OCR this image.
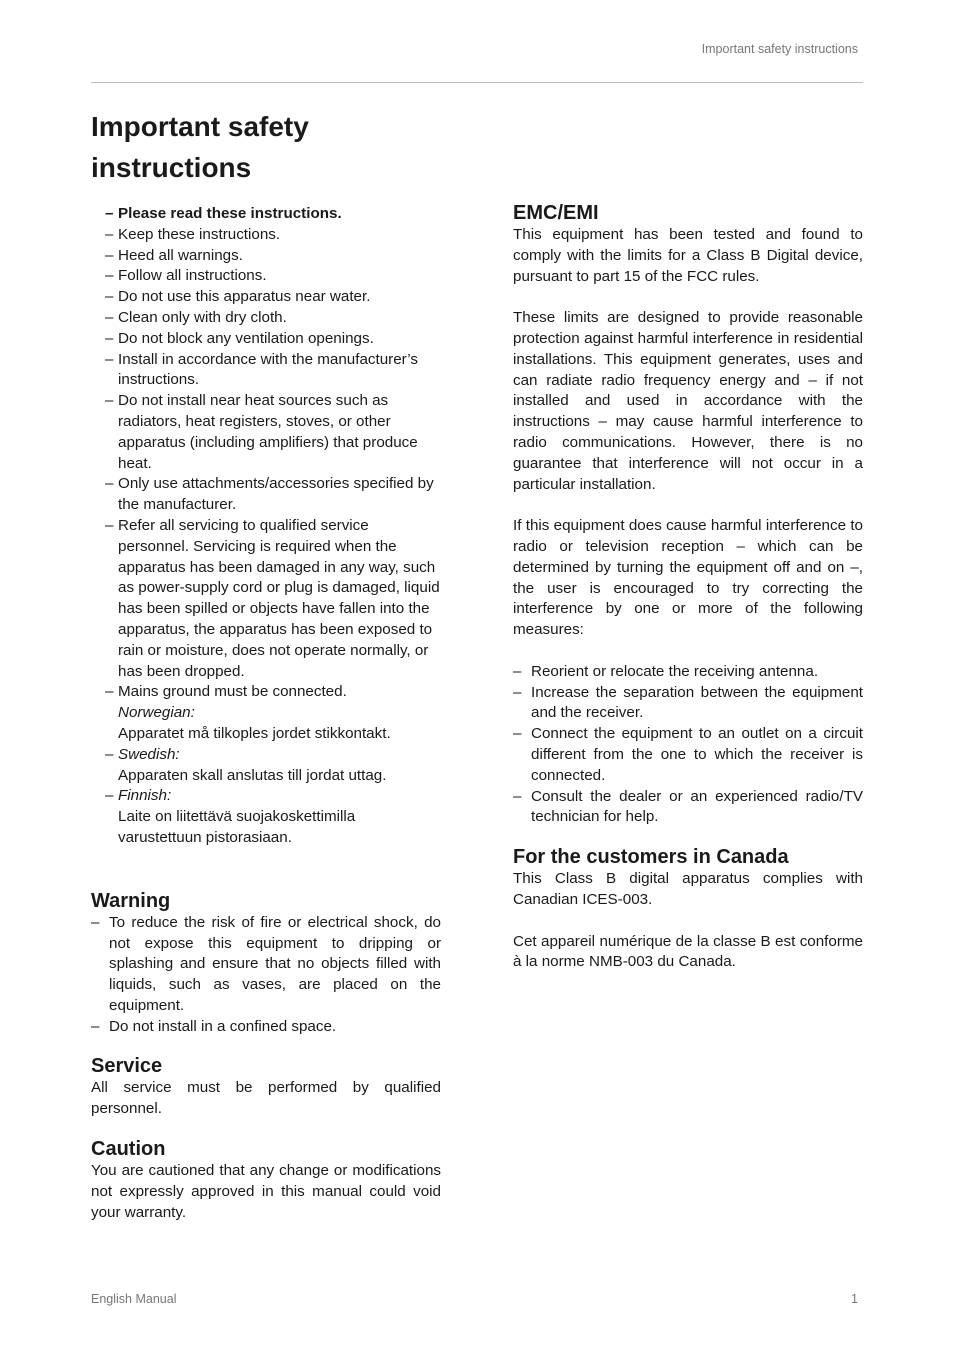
Important safety instructions
Important safety instructions
– Please read these instructions.
– Keep these instructions.
– Heed all warnings.
– Follow all instructions.
– Do not use this apparatus near water.
– Clean only with dry cloth.
– Do not block any ventilation openings.
– Install in accordance with the manufacturer’s instructions.
– Do not install near heat sources such as radiators, heat registers, stoves, or other apparatus (including amplifiers) that produce heat.
– Only use attachments/accessories specified by the manufacturer.
– Refer all servicing to qualified service personnel. Servicing is required when the apparatus has been damaged in any way, such as power-supply cord or plug is damaged, liquid has been spilled or objects have fallen into the apparatus, the apparatus has been exposed to rain or moisture, does not operate normally, or has been dropped.
– Mains ground must be connected.
Norwegian:
Apparatet må tilkoples jordet stikkontakt.
– Swedish:
Apparaten skall anslutas till jordat uttag.
– Finnish:
Laite on liitettävä suojakoskettimilla varustettuun pistorasiaan.
Warning
– To reduce the risk of fire or electrical shock, do not expose this equipment to dripping or splashing and ensure that no objects filled with liquids, such as vases, are placed on the equipment.
– Do not install in a confined space.
Service

All service must be performed by qualified personnel.

Caution

You are cautioned that any change or modifications not expressly approved in this manual could void your warranty.

EMC/EMI

This equipment has been tested and found to comply with the limits for a Class B Digital device, pursuant to part 15 of the FCC rules.

These limits are designed to provide reasonable protection against harmful interference in residential installations. This equipment generates, uses and can radiate radio frequency energy and – if not installed and used in accordance with the instructions – may cause harmful interference to radio communications. However, there is no guarantee that interference will not occur in a particular installation.

If this equipment does cause harmful interference to radio or television reception – which can be determined by turning the equipment off and on –, the user is encouraged to try correcting the interference by one or more of the following measures:

– Reorient or relocate the receiving antenna.
– Increase the separation between the equipment and the receiver.
– Connect the equipment to an outlet on a circuit different from the one to which the receiver is connected.
– Consult the dealer or an experienced radio/TV technician for help.
For the customers in Canada

This Class B digital apparatus complies with Canadian ICES-003.

Cet appareil numérique de la classe B est conforme à la norme NMB-003 du Canada.

English Manual	1
